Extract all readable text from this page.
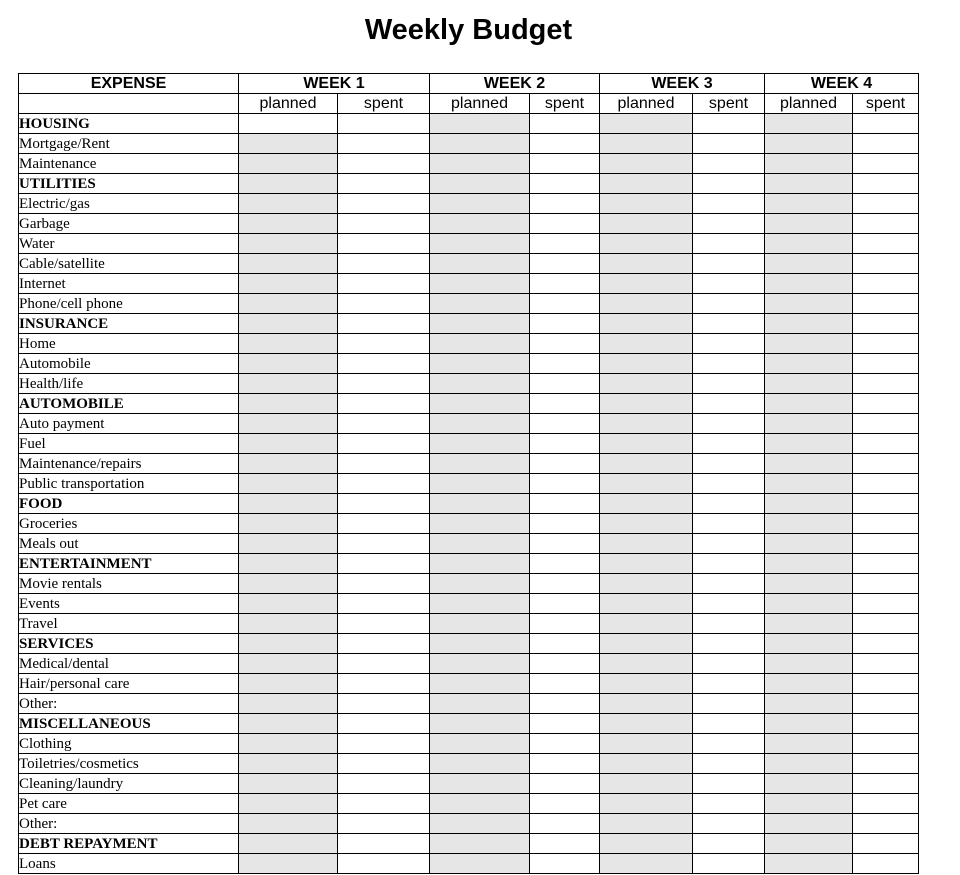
Weekly Budget
EXPENSE	WEEK 1		WEEK 2		WEEK 3		WEEK 4	
	planned	spent	planned	spent	planned	spent	planned	spent
HOUSING								
Mortgage/Rent								
Maintenance								
UTILITIES								
Electric/gas								
Garbage								
Water								
Cable/satellite								
Internet								
Phone/cell phone								
INSURANCE								
Home								
Automobile								
Health/life								
AUTOMOBILE								
Auto payment								
Fuel								
Maintenance/repairs								
Public transportation								
FOOD								
Groceries								
Meals out								
ENTERTAINMENT								
Movie rentals								
Events								
Travel								
SERVICES								
Medical/dental								
Hair/personal care								
Other:								
MISCELLANEOUS								
Clothing								
Toiletries/cosmetics								
Cleaning/laundry								
Pet care								
Other:								
DEBT REPAYMENT								
Loans								
